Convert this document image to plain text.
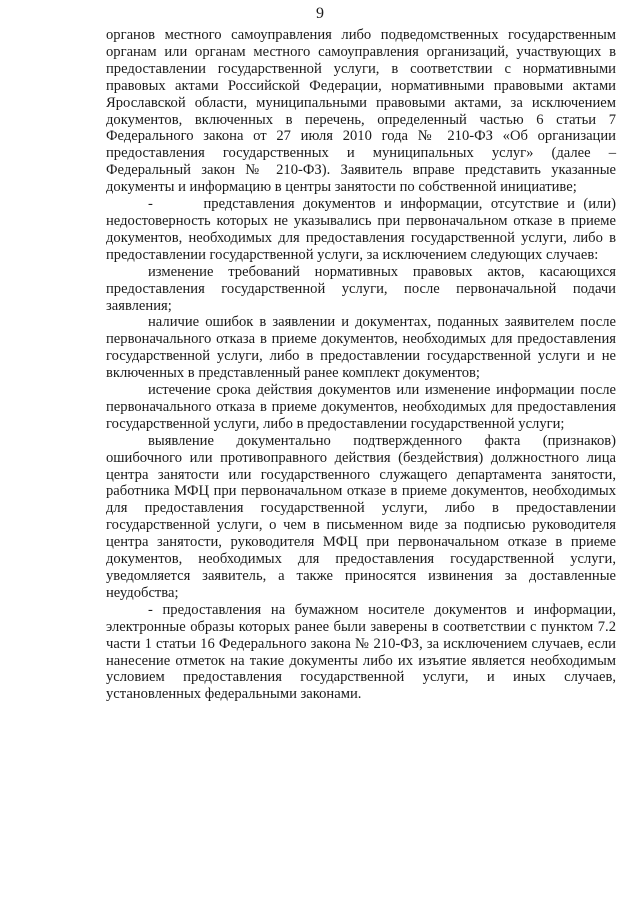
9

органов местного самоуправления либо подведомственных государственным органам или органам местного самоуправления организаций, участвующих в предоставлении государственной услуги, в соответствии с нормативными правовых актами Российской Федерации, нормативными правовыми актами Ярославской области, муниципальными правовыми актами, за исключением документов, включенных в перечень, определенный частью 6 статьи 7 Федерального закона от 27 июля 2010 года № 210-ФЗ «Об организации предоставления государственных и муниципальных услуг» (далее – Федеральный закон № 210-ФЗ). Заявитель вправе представить указанные документы и информацию в центры занятости по собственной инициативе;

-      представления документов и информации, отсутствие и (или) недостоверность которых не указывались при первоначальном отказе в приеме документов, необходимых для предоставления государственной услуги, либо в предоставлении государственной услуги, за исключением следующих случаев:

изменение требований нормативных правовых актов, касающихся предоставления государственной услуги, после первоначальной подачи заявления;

наличие ошибок в заявлении и документах, поданных заявителем после первоначального отказа в приеме документов, необходимых для предоставления государственной услуги, либо в предоставлении государственной услуги и не включенных в представленный ранее комплект документов;

истечение срока действия документов или изменение информации после первоначального отказа в приеме документов, необходимых для предоставления государственной услуги, либо в предоставлении государственной услуги;

выявление документально подтвержденного факта (признаков) ошибочного или противоправного действия (бездействия) должностного лица центра занятости или государственного служащего департамента занятости, работника МФЦ при первоначальном отказе в приеме документов, необходимых для предоставления государственной услуги, либо в предоставлении государственной услуги, о чем в письменном виде за подписью руководителя центра занятости, руководителя МФЦ при первоначальном отказе в приеме документов, необходимых для предоставления государственной услуги, уведомляется заявитель, а также приносятся извинения за доставленные неудобства;

- предоставления на бумажном носителе документов и информации, электронные образы которых ранее были заверены в соответствии с пунктом 7.2 части 1 статьи 16 Федерального закона № 210-ФЗ, за исключением случаев, если нанесение отметок на такие документы либо их изъятие является необходимым условием предоставления государственной услуги, и иных случаев, установленных федеральными законами.
